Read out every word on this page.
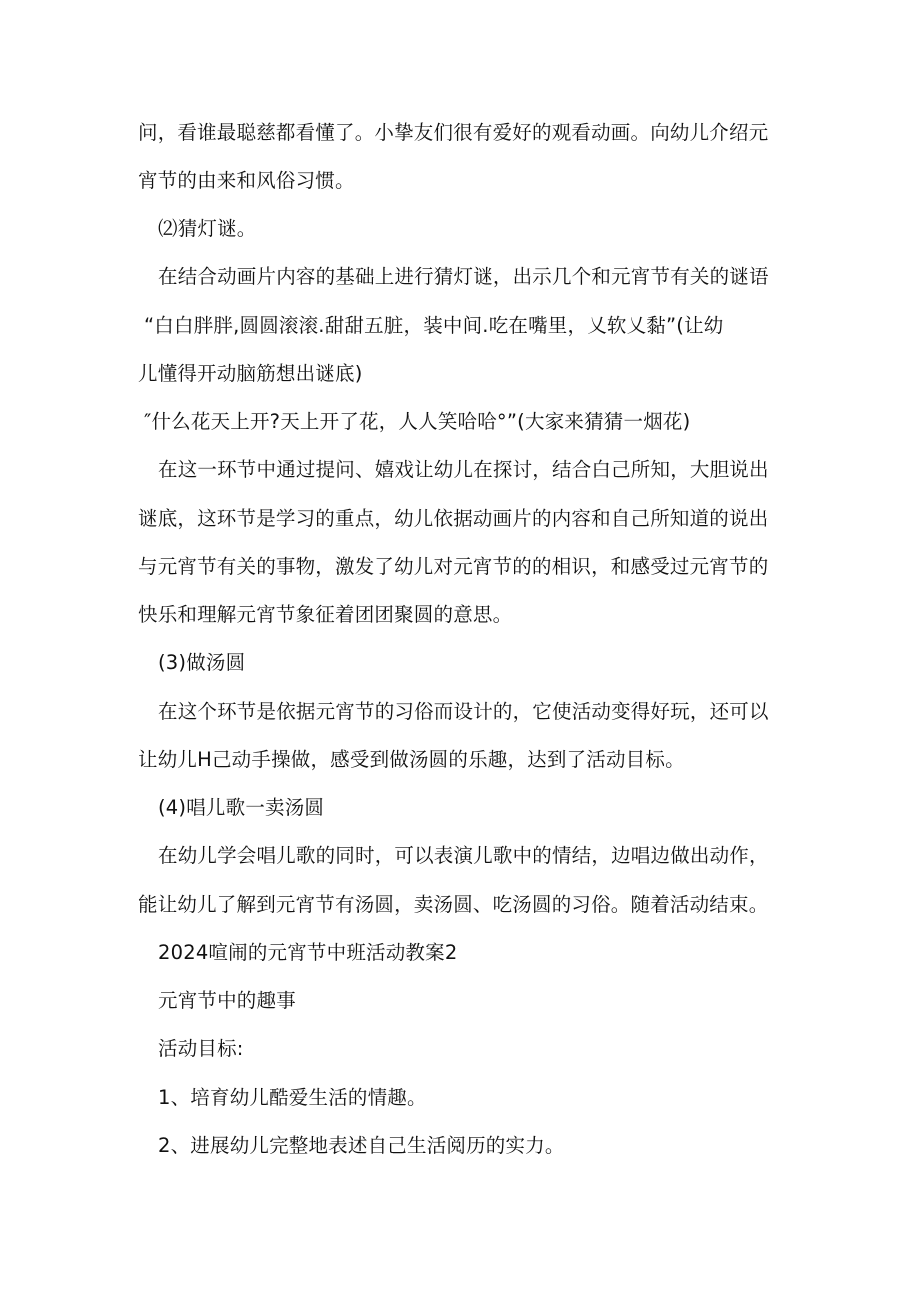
问，看谁最聪慈都看懂了。小挚友们很有爱好的观看动画。向幼儿介绍元
宵节的由来和风俗习惯。
⑵猜灯谜。
在结合动画片内容的基础上进行猜灯谜，出示几个和元宵节有关的谜语
“白白胖胖,圆圆滚滚.甜甜五脏，装中间.吃在嘴里，乂软乂黏”(让幼
儿懂得开动脑筋想出谜底)
″什么花天上开?天上开了花，人人笑哈哈°”(大家来猜猜一烟花)
在这一环节中通过提问、嬉戏让幼儿在探讨，结合白己所知，大胆说出
谜底，这环节是学习的重点，幼儿依据动画片的内容和自己所知道的说出
与元宵节有关的事物，激发了幼儿对元宵节的的相识，和感受过元宵节的
快乐和理解元宵节象征着团团聚圆的意思。
(3)做汤圆
在这个环节是依据元宵节的习俗而设计的，它使活动变得好玩，还可以
让幼儿H己动手操做，感受到做汤圆的乐趣，达到了活动目标。
(4)唱儿歌一卖汤圆
在幼儿学会唱儿歌的同时，可以表演儿歌中的情结，边唱边做出动作，
能让幼儿了解到元宵节有汤圆，卖汤圆、吃汤圆的习俗。随着活动结束。
2024喧闹的元宵节中班活动教案2
元宵节中的趣事
活动目标:
1、培育幼儿酷爱生活的情趣。
2、进展幼儿完整地表述自己生活阅历的实力。
